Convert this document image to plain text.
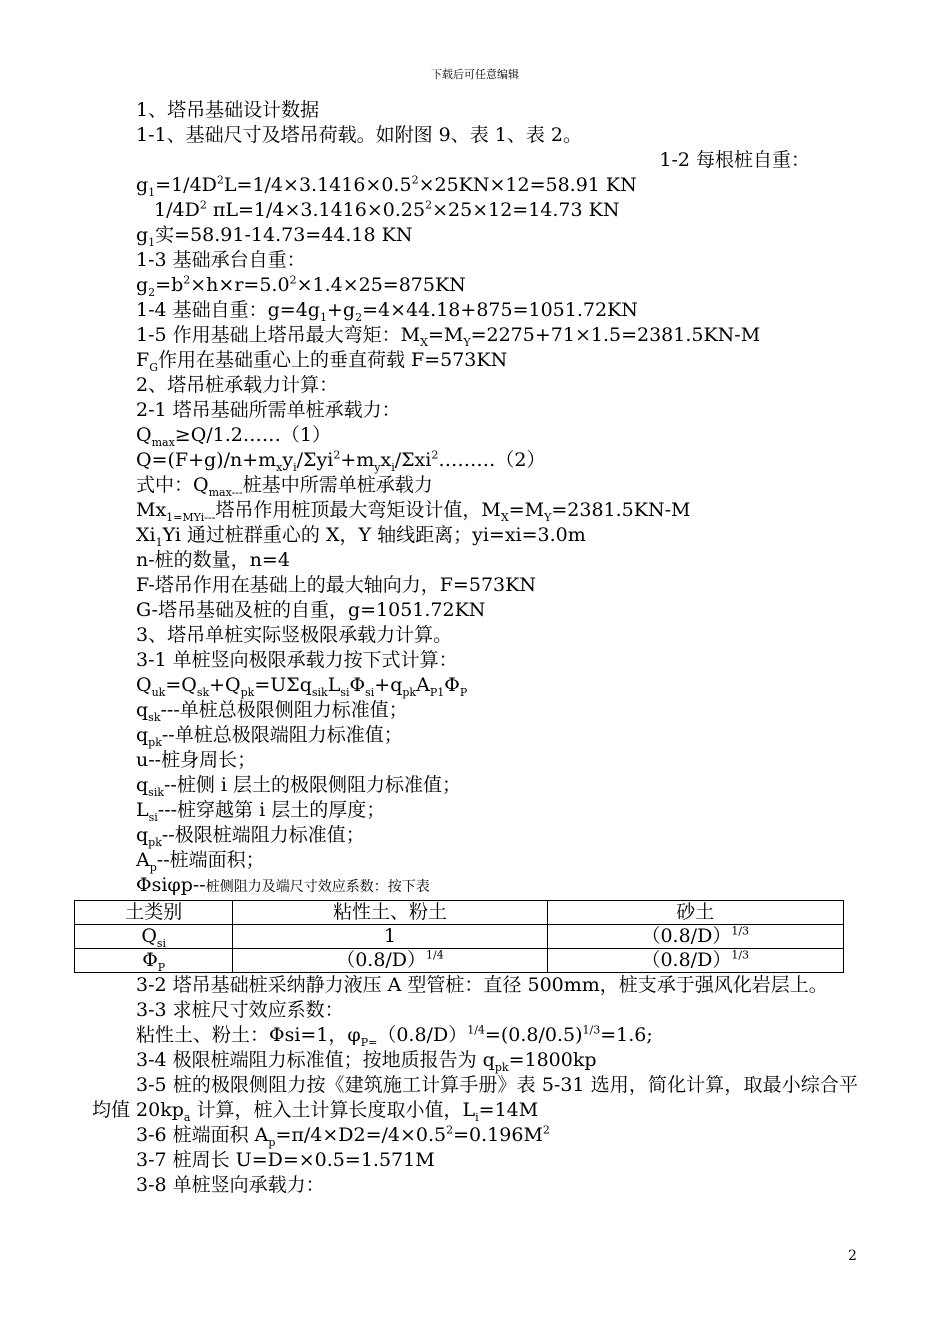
下载后可任意编辑
1、塔吊基础设计数据
1-1、基础尺寸及塔吊荷载。如附图 9、表 1、表 2。
1-2 每根桩自重：
$g_1=1/4D^2L=1/4\times 3.1416\times 0.5^2\times 25KN\times 12=58.91$ KN
$1/4D^2$ $\pi L=1/4\times 3.1416\times 0.25^2\times 25\times 12=14.73$ KN
$g_1$实=58.91-14.73=44.18 KN
1-3 基础承台自重：
$g_2=b^2\times h\times r=5.0^2\times 1.4\times 25=875KN$
1-4 基础自重：$g=4g_1+g_2=4\times 44.18+875=1051.72KN$
1-5 作用基础上塔吊最大弯矩：$M_X=M_Y=2275+71\times 1.5=2381.5KN-M$
$F_G$作用在基础重心上的垂直荷载 F=573KN
2、塔吊桩承载力计算：
2-1 塔吊基础所需单桩承载力：
$Q_{max}\ge Q/1.2\dots\dots(1)$
$Q=(F+g)/n+m_xy_i/\Sigma yi^2+m_yx_i/\Sigma xi^2\dots\dots\dots(2)$
式中：$Q_{max---}$桩基中所需单桩承载力
$Mx_{1=MYi---}$塔吊作用桩顶最大弯矩设计值，$M_X=M_Y=2381.5KN-M$
$Xi_1Yi$ 通过桩群重心的 X，Y 轴线距离；yi=xi=3.0m
n-桩的数量，n=4
F-塔吊作用在基础上的最大轴向力，F=573KN
G-塔吊基础及桩的自重，g=1051.72KN
3、塔吊单桩实际竖极限承载力计算。
3-1 单桩竖向极限承载力按下式计算：
$Q_{uk}=Q_{sk}+Q_{pk}=U\Sigma q_{sik}L_{si}\Phi_{si}+q_{pk}A_{P1}\Phi_P$
$q_{sk}---$单桩总极限侧阻力标准值；
$q_{pk}--$单桩总极限端阻力标准值；
u--桩身周长；
$q_{sik}--$桩侧 i 层土的极限侧阻力标准值；
$L_{si}---$桩穿越第 i 层土的厚度；
$q_{pk}--$极限桩端阻力标准值；
$A_p--$桩端面积；
Φsiφp--桩侧阻力及端尺寸效应系数：按下表
土类别	粘性土、粉土	砂土
$Q_{si}$	1	$(0.8/D)^{1/3}$
$\Phi_P$	$(0.8/D)^{1/4}$	$(0.8/D)^{1/3}$
3-2 塔吊基础桩采纳静力液压 A 型管桩：直径 500mm，桩支承于强风化岩层上。
3-3 求桩尺寸效应系数：
粘性土、粉土：Φsi=1，$\varphi_{P=}(0.8/D)^{1/4}=(0.8/0.5)^{1/3}=1.6$;
3-4 极限桩端阻力标准值；按地质报告为 $q_{pk}=1800kp$
3-5 桩的极限侧阻力按《建筑施工计算手册》表 5-31 选用，简化计算，取最小综合平均值 $20kp_a$ 计算，桩入土计算长度取小值，$L_i=14M$
3-6 桩端面积 $A_p=\pi/4\times D2=/4\times 0.5^2=0.196M^2$
3-7 桩周长 U=D=×0.5=1.571M
3-8 单桩竖向承载力：
2
